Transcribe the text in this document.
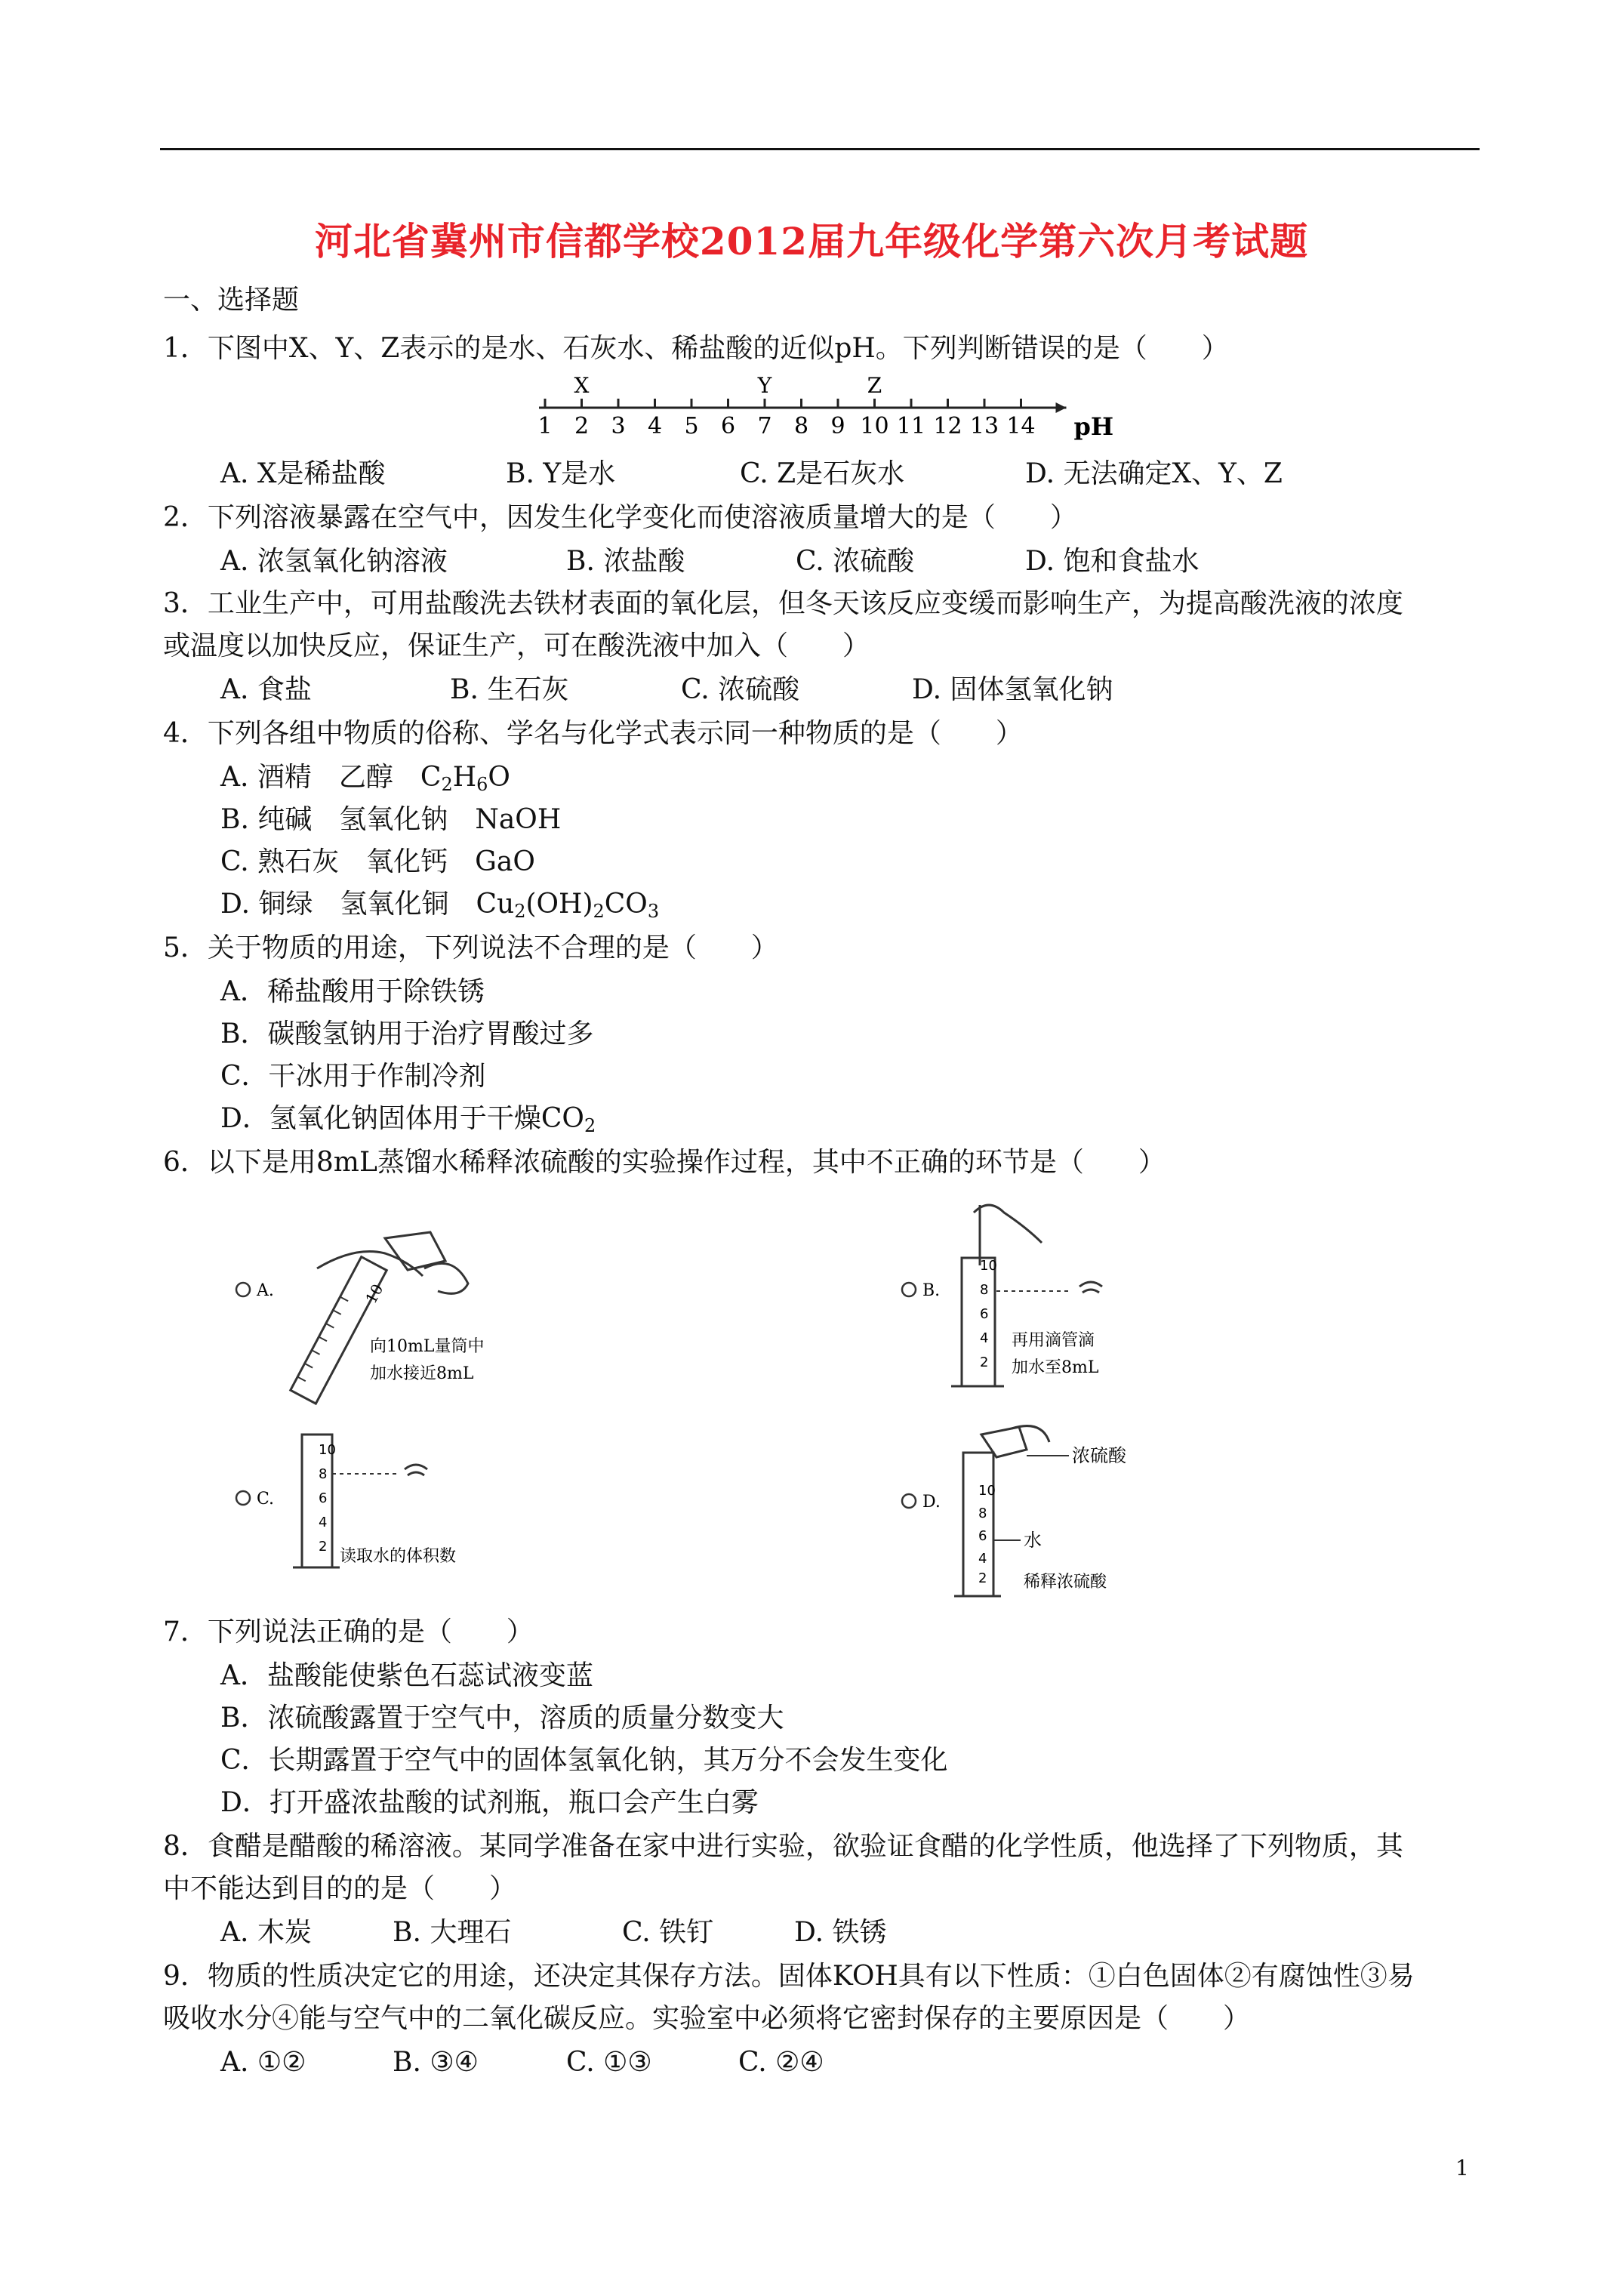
河北省冀州市信都学校2012届九年级化学第六次月考试题
一、选择题
1．下图中X、Y、Z表示的是水、石灰水、稀盐酸的近似pH。下列判断错误的是（　　）
1 2 3 4 5 6 7 8 9 10 11 12 13 14 pH
X	Y	Z
A. X是稀盐酸	B. Y是水	C. Z是石灰水	D. 无法确定X、Y、Z
2．下列溶液暴露在空气中，因发生化学变化而使溶液质量增大的是（　　）
A. 浓氢氧化钠溶液	B. 浓盐酸	C. 浓硫酸	D. 饱和食盐水
3．工业生产中，可用盐酸洗去铁材表面的氧化层，但冬天该反应变缓而影响生产，为提高酸洗液的浓度
或温度以加快反应，保证生产，可在酸洗液中加入（　　）
A. 食盐	B. 生石灰	C. 浓硫酸	D. 固体氢氧化钠
4．下列各组中物质的俗称、学名与化学式表示同一种物质的是（　　）
A. 酒精　乙醇　$C_2H_6O$
B. 纯碱　氢氧化钠　NaOH
C. 熟石灰　氧化钙　GaO
D. 铜绿　氢氧化铜　$Cu_2(OH)_2CO_3$
5．关于物质的用途，下列说法不合理的是（　　）
A．稀盐酸用于除铁锈
B．碳酸氢钠用于治疗胃酸过多
C．干冰用于作制冷剂
D．氢氧化钠固体用于干燥$CO_2$
6．以下是用8mL蒸馏水稀释浓硫酸的实验操作过程，其中不正确的环节是（　　）
A.	10
向10mL量筒中
加水接近8mL
B.
10
8
6
4
2
再用滴管滴
加水至8mL
C.
10
8
6
4
2
读取水的体积数
D.
10
8
6
4
2
浓硫酸
水
稀释浓硫酸
7．下列说法正确的是（　　）
A．盐酸能使紫色石蕊试液变蓝
B．浓硫酸露置于空气中，溶质的质量分数变大
C．长期露置于空气中的固体氢氧化钠，其万分不会发生变化
D．打开盛浓盐酸的试剂瓶，瓶口会产生白雾
8．食醋是醋酸的稀溶液。某同学准备在家中进行实验，欲验证食醋的化学性质，他选择了下列物质，其
中不能达到目的的是（　　）
A. 木炭	B. 大理石	C. 铁钉	D. 铁锈
9．物质的性质决定它的用途，还决定其保存方法。固体KOH具有以下性质：①白色固体②有腐蚀性③易
吸收水分④能与空气中的二氧化碳反应。实验室中必须将它密封保存的主要原因是（　　）
A. ①②	B. ③④	C. ①③	C. ②④
1
